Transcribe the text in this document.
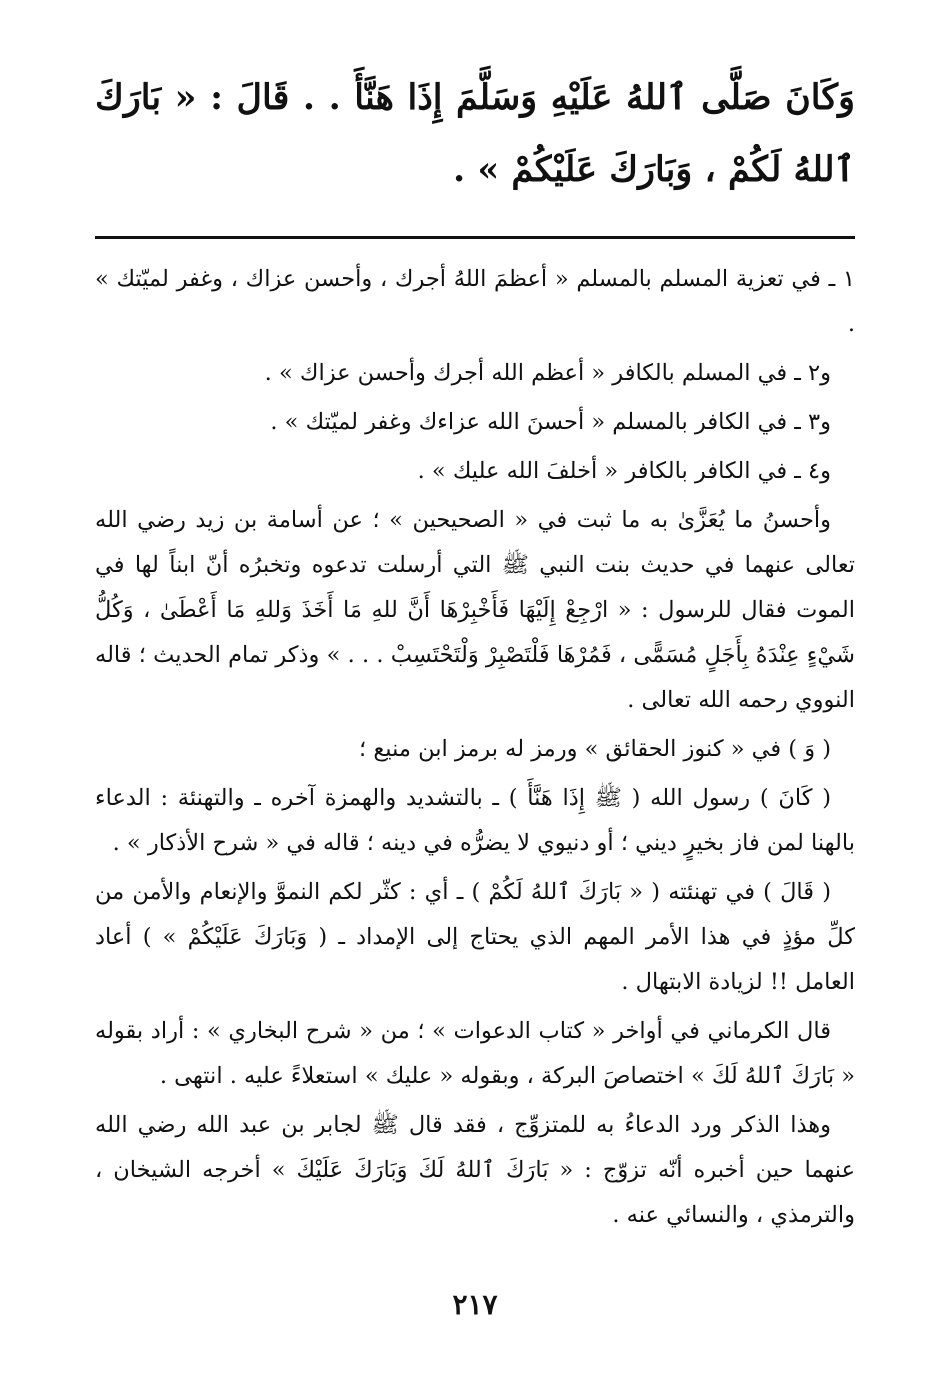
وَكَانَ صَلَّى ٱللهُ عَلَيْهِ وَسَلَّمَ إِذَا هَنَّأَ . . قَالَ : « بَارَكَ ٱللهُ لَكُمْ ، وَبَارَكَ عَلَيْكُمْ » .

١ ـ في تعزية المسلم بالمسلم « أعظمَ اللهُ أجرك ، وأحسن عزاك ، وغفر لميّتك » .

و٢ ـ في المسلم بالكافر « أعظم الله أجرك وأحسن عزاك » .

و٣ ـ في الكافر بالمسلم « أحسنَ الله عزاءك وغفر لميّتك » .

و٤ ـ في الكافر بالكافر « أخلفَ الله عليك » .

وأحسنُ ما يُعَزَّىٰ به ما ثبت في « الصحيحين » ؛ عن أسامة بن زيد رضي الله تعالى عنهما في حديث بنت النبي ﷺ التي أرسلت تدعوه وتخبرُه أنّ ابناً لها في الموت فقال للرسول : « ارْجِعْ إِلَيْهَا فَأَخْبِرْهَا أَنَّ للهِ مَا أَخَذَ وَللهِ مَا أَعْطَىٰ ، وَكُلُّ شَيْءٍ عِنْدَهُ بِأَجَلٍ مُسَمًّى ، فَمُرْهَا فَلْتَصْبِرْ وَلْتَحْتَسِبْ . . . » وذكر تمام الحديث ؛ قاله النووي رحمه الله تعالى .

( وَ ) في « كنوز الحقائق » ورمز له برمز ابن منيع ؛

( كَانَ ) رسول الله ( ﷺ إِذَا هَنَّأَ ) ـ بالتشديد والهمزة آخره ـ والتهنئة : الدعاء بالهنا لمن فاز بخيرٍ ديني ؛ أو دنيوي لا يضرُّه في دينه ؛ قاله في « شرح الأذكار » .

( قَالَ ) في تهنئته ( « بَارَكَ ٱللهُ لَكُمْ ) ـ أي : كثّر لكم النموَّ والإنعام والأمن من كلِّ مؤذٍ في هذا الأمر المهم الذي يحتاج إلى الإمداد ـ ( وَبَارَكَ عَلَيْكُمْ » ) أعاد العامل !! لزيادة الابتهال .

قال الكرماني في أواخر « كتاب الدعوات » ؛ من « شرح البخاري » : أراد بقوله « بَارَكَ ٱللهُ لَكَ » اختصاصَ البركة ، وبقوله « عليك » استعلاءً عليه . انتهى .

وهذا الذكر ورد الدعاءُ به للمتزوِّج ، فقد قال ﷺ لجابر بن عبد الله رضي الله عنهما حين أخبره أنّه تزوّج : « بَارَكَ ٱللهُ لَكَ وَبَارَكَ عَلَيْكَ » أخرجه الشيخان ، والترمذي ، والنسائي عنه .

٢١٧
